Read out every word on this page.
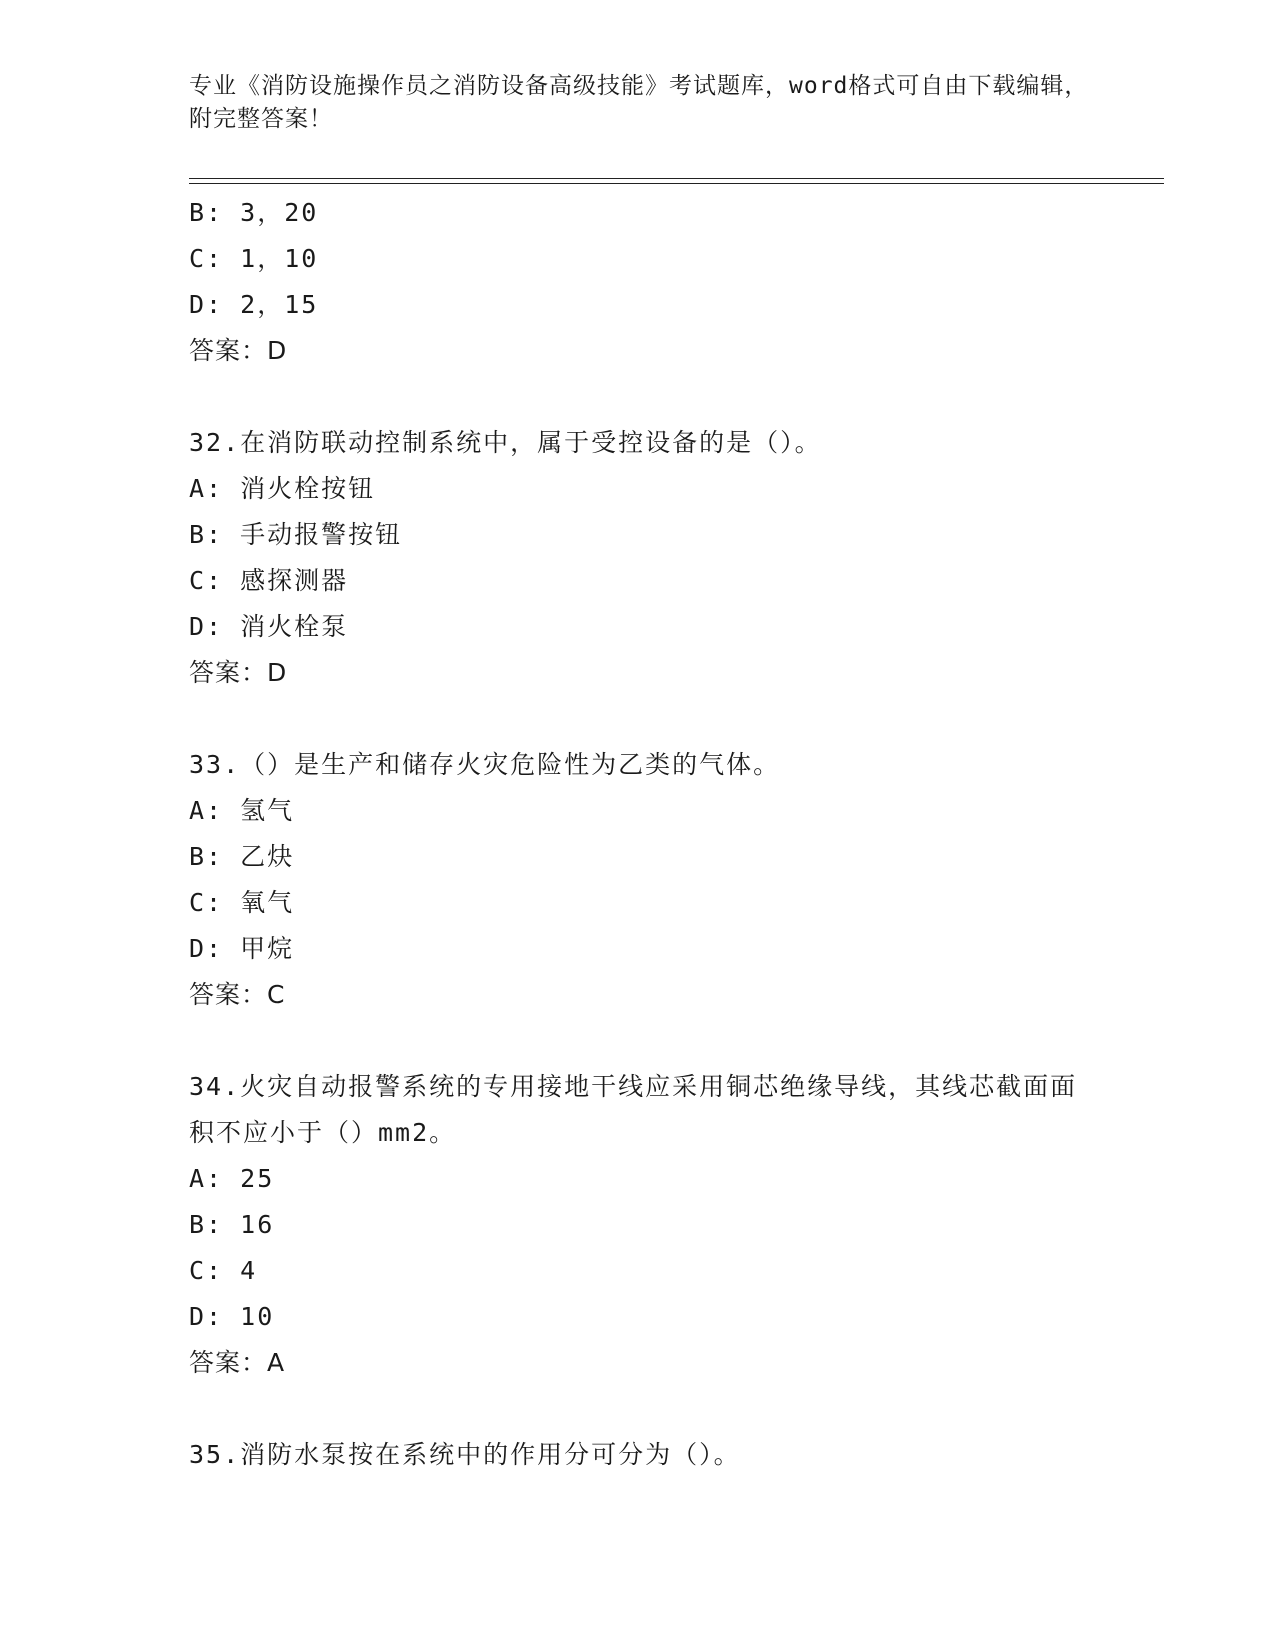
专业《消防设施操作员之消防设备高级技能》考试题库，word格式可自由下载编辑，附完整答案！
B: 3，20
C: 1，10
D: 2，15
答案：D
32.在消防联动控制系统中，属于受控设备的是（）。
A: 消火栓按钮
B: 手动报警按钮
C: 感探测器
D: 消火栓泵
答案：D
33.（）是生产和储存火灾危险性为乙类的气体。
A: 氢气
B: 乙炔
C: 氧气
D: 甲烷
答案：C
34.火灾自动报警系统的专用接地干线应采用铜芯绝缘导线，其线芯截面面积不应小于（）mm2。
A: 25
B: 16
C: 4
D: 10
答案：A
35.消防水泵按在系统中的作用分可分为（）。
